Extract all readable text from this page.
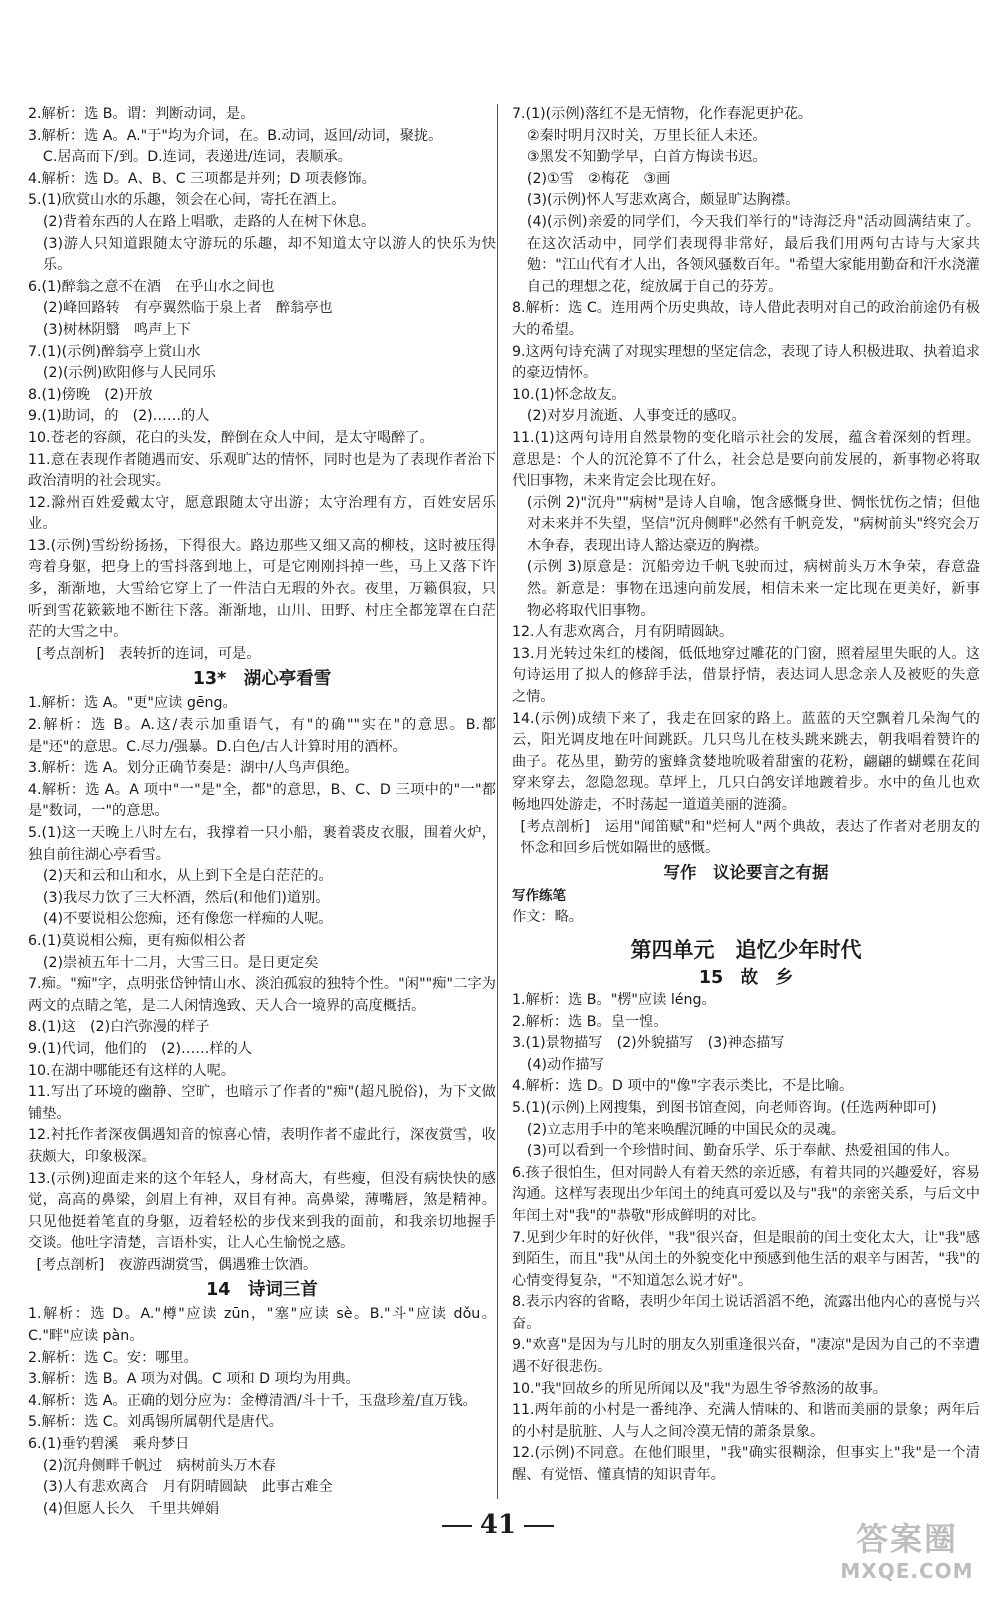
2.解析：选 B。谓：判断动词，是。

3.解析：选 A。A."于"均为介词，在。B.动词，返回/动词，聚拢。

C.居高而下/到。D.连词，表递进/连词，表顺承。

4.解析：选 D。A、B、C 三项都是并列；D 项表修饰。

5.(1)欣赏山水的乐趣，领会在心间，寄托在酒上。

(2)背着东西的人在路上唱歌，走路的人在树下休息。

(3)游人只知道跟随太守游玩的乐趣，却不知道太守以游人的快乐为快乐。

6.(1)醉翁之意不在酒　在乎山水之间也

(2)峰回路转　有亭翼然临于泉上者　醉翁亭也

(3)树林阴翳　鸣声上下

7.(1)(示例)醉翁亭上赏山水

(2)(示例)欧阳修与人民同乐

8.(1)傍晚　(2)开放

9.(1)助词，的　(2)……的人

10.苍老的容颜，花白的头发，醉倒在众人中间，是太守喝醉了。

11.意在表现作者随遇而安、乐观旷达的情怀，同时也是为了表现作者治下政治清明的社会现实。

12.滁州百姓爱戴太守，愿意跟随太守出游；太守治理有方，百姓安居乐业。

13.(示例)雪纷纷扬扬，下得很大。路边那些又细又高的柳枝，这时被压得弯着身躯，把身上的雪抖落到地上，可是它刚刚抖掉一些，马上又落下许多，渐渐地，大雪给它穿上了一件洁白无瑕的外衣。夜里，万籁俱寂，只听到雪花簌簌地不断往下落。渐渐地，山川、田野、村庄全都笼罩在白茫茫的大雪之中。

[考点剖析]　表转折的连词，可是。

13*　湖心亭看雪

1.解析：选 A。"更"应读 gēng。

2.解析：选 B。A.这/表示加重语气，有"的确""实在"的意思。B.都是"还"的意思。C.尽力/强暴。D.白色/古人计算时用的酒杯。

3.解析：选 A。划分正确节奏是：湖中/人鸟声俱绝。

4.解析：选 A。A 项中"一"是"全，都"的意思，B、C、D 三项中的"一"都是"数词，一"的意思。

5.(1)这一天晚上八时左右，我撑着一只小船，裹着裘皮衣服，围着火炉，独自前往湖心亭看雪。

(2)天和云和山和水，从上到下全是白茫茫的。

(3)我尽力饮了三大杯酒，然后(和他们)道别。

(4)不要说相公您痴，还有像您一样痴的人呢。

6.(1)莫说相公痴，更有痴似相公者

(2)崇祯五年十二月，大雪三日。是日更定矣

7.痴。"痴"字，点明张岱钟情山水、淡泊孤寂的独特个性。"闲""痴"二字为两文的点睛之笔，是二人闲情逸致、天人合一境界的高度概括。

8.(1)这　(2)白汽弥漫的样子

9.(1)代词，他们的　(2)……样的人

10.在湖中哪能还有这样的人呢。

11.写出了环境的幽静、空旷，也暗示了作者的"痴"(超凡脱俗)，为下文做铺垫。

12.衬托作者深夜偶遇知音的惊喜心情，表明作者不虚此行，深夜赏雪，收获颇大，印象极深。

13.(示例)迎面走来的这个年轻人，身材高大，有些瘦，但没有病快快的感觉，高高的鼻梁，剑眉上有神，双目有神。高鼻梁，薄嘴唇，煞是精神。只见他挺着笔直的身躯，迈着轻松的步伐来到我的面前，和我亲切地握手交谈。他吐字清楚，言语朴实，让人心生愉悦之感。

[考点剖析]　夜游西湖赏雪，偶遇雅士饮酒。

14　诗词三首

1.解析：选 D。A."樽"应读 zūn，"塞"应读 sè。B."斗"应读 dǒu。C."畔"应读 pàn。

2.解析：选 C。安：哪里。

3.解析：选 B。A 项为对偶。C 项和 D 项均为用典。

4.解析：选 A。正确的划分应为：金樽清酒/斗十千，玉盘珍羞/直万钱。

5.解析：选 C。刘禹锡所属朝代是唐代。

6.(1)垂钓碧溪　乘舟梦日

(2)沉舟侧畔千帆过　病树前头万木春

(3)人有悲欢离合　月有阴晴圆缺　此事古难全

(4)但愿人长久　千里共婵娟

7.(1)(示例)落红不是无情物，化作春泥更护花。

②秦时明月汉时关，万里长征人未还。

③黑发不知勤学早，白首方悔读书迟。

(2)①雪　②梅花　③画

(3)(示例)怀人写悲欢离合，颇显旷达胸襟。

(4)(示例)亲爱的同学们，今天我们举行的"诗海泛舟"活动圆满结束了。在这次活动中，同学们表现得非常好，最后我们用两句古诗与大家共勉："江山代有才人出，各领风骚数百年。"希望大家能用勤奋和汗水浇灌自己的理想之花，绽放属于自己的芬芳。

8.解析：选 C。连用两个历史典故，诗人借此表明对自己的政治前途仍有极大的希望。

9.这两句诗充满了对现实理想的坚定信念，表现了诗人积极进取、执着追求的豪迈情怀。

10.(1)怀念故友。

(2)对岁月流逝、人事变迁的感叹。

11.(1)这两句诗用自然景物的变化暗示社会的发展，蕴含着深刻的哲理。意思是：个人的沉沦算不了什么，社会总是要向前发展的，新事物必将取代旧事物，未来肯定会比现在好。

(示例 2)"沉舟""病树"是诗人自喻，饱含感慨身世、惆怅忧伤之情；但他对未来并不失望，坚信"沉舟侧畔"必然有千帆竞发，"病树前头"终究会万木争春，表现出诗人豁达豪迈的胸襟。

(示例 3)原意是：沉船旁边千帆飞驶而过，病树前头万木争荣，春意盎然。新意是：事物在迅速向前发展，相信未来一定比现在更美好，新事物必将取代旧事物。

12.人有悲欢离合，月有阴晴圆缺。

13.月光转过朱红的楼阁，低低地穿过雕花的门窗，照着屋里失眠的人。这句诗运用了拟人的修辞手法，借景抒情，表达词人思念亲人及被贬的失意之情。

14.(示例)成绩下来了，我走在回家的路上。蓝蓝的天空飘着几朵淘气的云，阳光调皮地在叶间跳跃。几只鸟儿在枝头跳来跳去，朝我唱着赞许的曲子。花丛里，勤劳的蜜蜂贪婪地吮吸着甜蜜的花粉，翩翩的蝴蝶在花间穿来穿去，忽隐忽现。草坪上，几只白鸽安详地踱着步。水中的鱼儿也欢畅地四处游走，不时荡起一道道美丽的涟漪。

[考点剖析]　运用"闻笛赋"和"烂柯人"两个典故，表达了作者对老朋友的怀念和回乡后恍如隔世的感慨。

写作　议论要言之有据

写作练笔

作文：略。

第四单元　追忆少年时代

15　故　乡

1.解析：选 B。"楞"应读 léng。

2.解析：选 B。皇一惶。

3.(1)景物描写　(2)外貌描写　(3)神态描写

(4)动作描写

4.解析：选 D。D 项中的"像"字表示类比，不是比喻。

5.(1)(示例)上网搜集，到图书馆查阅，向老师咨询。(任选两种即可)

(2)立志用手中的笔来唤醒沉睡的中国民众的灵魂。

(3)可以看到一个珍惜时间、勤奋乐学、乐于奉献、热爱祖国的伟人。

6.孩子很怕生，但对同龄人有着天然的亲近感，有着共同的兴趣爱好，容易沟通。这样写表现出少年闰土的纯真可爱以及与"我"的亲密关系，与后文中年闰土对"我"的"恭敬"形成鲜明的对比。

7.见到少年时的好伙伴，"我"很兴奋，但是眼前的闰土变化太大，让"我"感到陌生，而且"我"从闰土的外貌变化中预感到他生活的艰辛与困苦，"我"的心情变得复杂，"不知道怎么说才好"。

8.表示内容的省略，表明少年闰土说话滔滔不绝，流露出他内心的喜悦与兴奋。

9."欢喜"是因为与儿时的朋友久别重逢很兴奋，"凄凉"是因为自己的不幸遭遇不好很悲伤。

10."我"回故乡的所见所闻以及"我"为恩生爷爷熬汤的故事。

11.两年前的小村是一番纯净、充满人情味的、和谐而美丽的景象；两年后的小村是肮脏、人与人之间冷漠无情的萧条景象。

12.(示例)不同意。在他们眼里，"我"确实很糊涂，但事实上"我"是一个清醒、有觉悟、懂真情的知识青年。

41	答案圈
MXQE.COM
